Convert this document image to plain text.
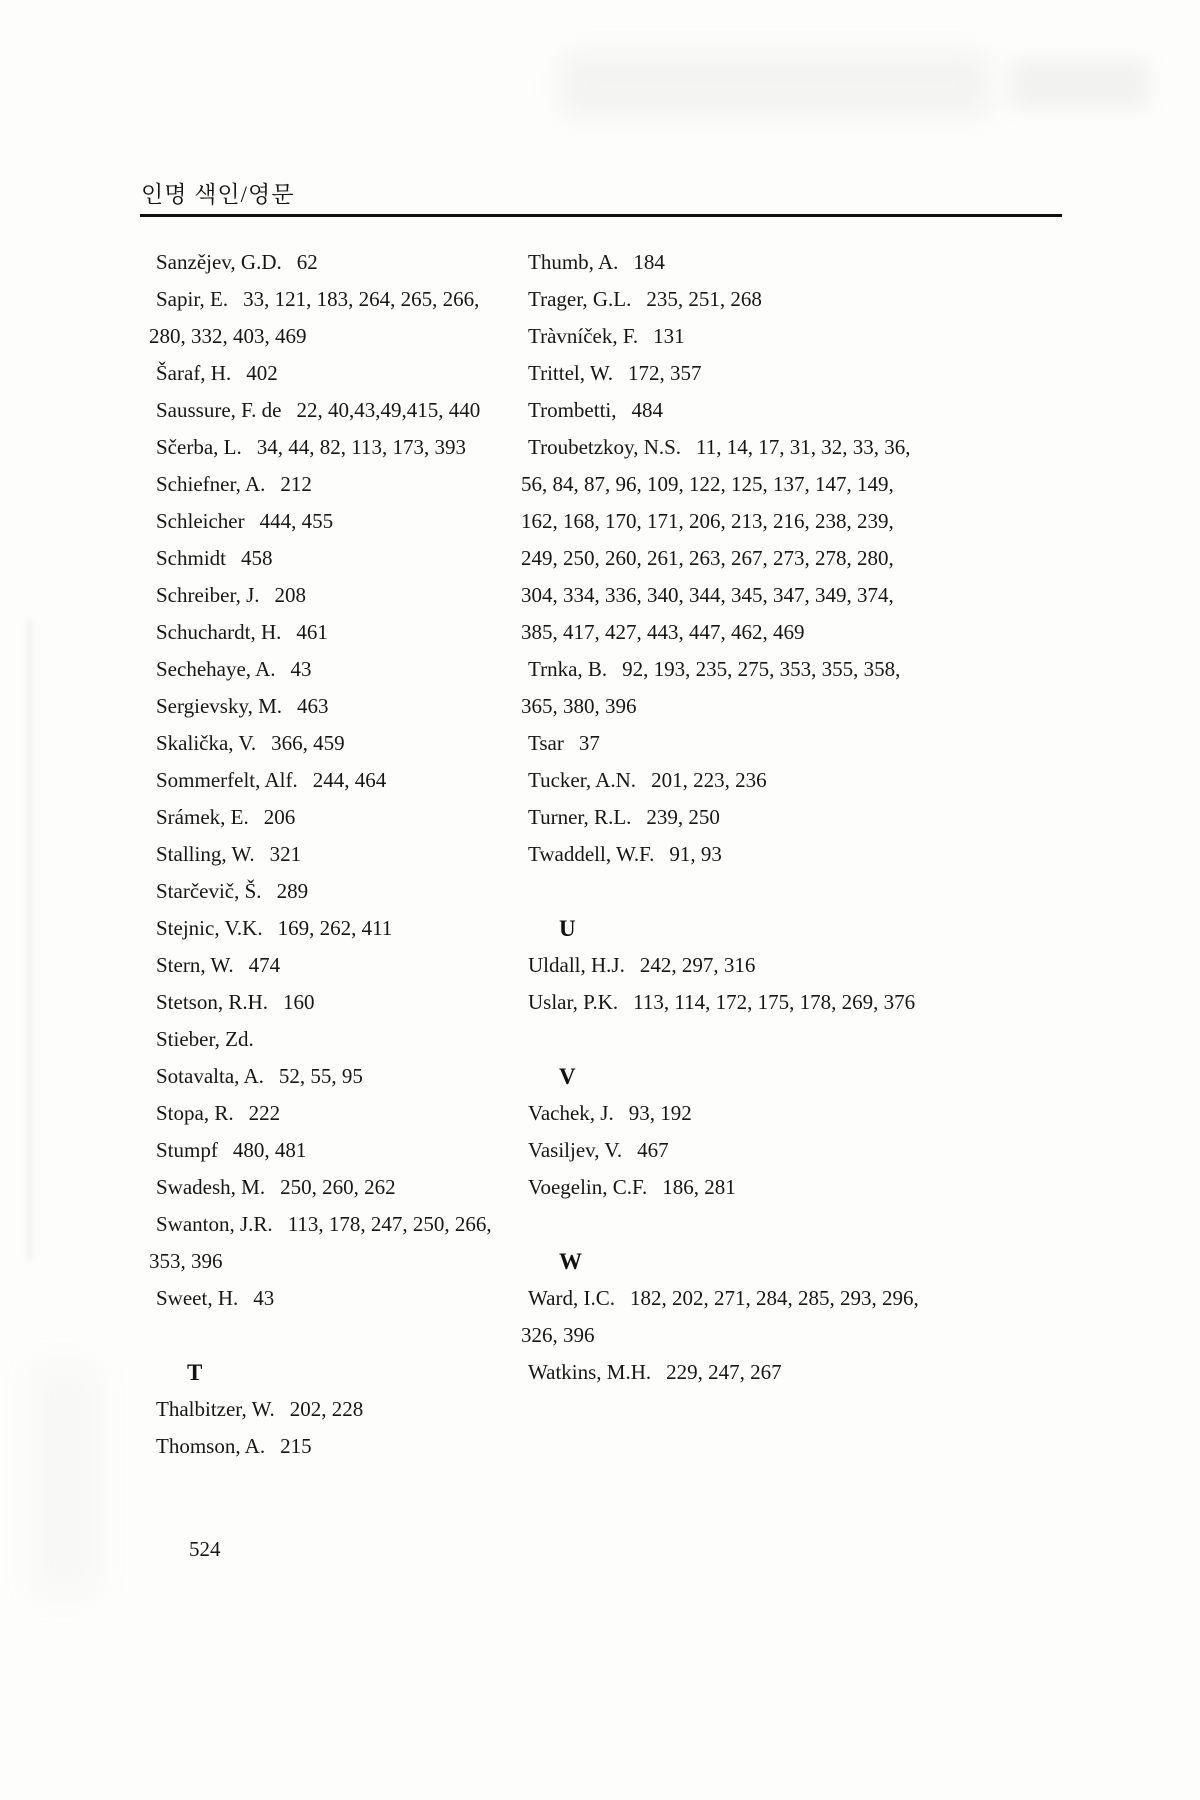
인명 색인/영문
Sanzějev, G.D. 62
Sapir, E. 33, 121, 183, 264, 265, 266, 280, 332, 403, 469
Šaraf, H. 402
Saussure, F. de 22, 40,43,49,415, 440
Sčerba, L. 34, 44, 82, 113, 173, 393
Schiefner, A. 212
Schleicher 444, 455
Schmidt 458
Schreiber, J. 208
Schuchardt, H. 461
Sechehaye, A. 43
Sergievsky, M. 463
Skalička, V. 366, 459
Sommerfelt, Alf. 244, 464
Srámek, E. 206
Stalling, W. 321
Starčevič, Š. 289
Stejnic, V.K. 169, 262, 411
Stern, W. 474
Stetson, R.H. 160
Stieber, Zd.
Sotavalta, A. 52, 55, 95
Stopa, R. 222
Stumpf 480, 481
Swadesh, M. 250, 260, 262
Swanton, J.R. 113, 178, 247, 250, 266, 353, 396
Sweet, H. 43
T
Thalbitzer, W. 202, 228
Thomson, A. 215
Thumb, A. 184
Trager, G.L. 235, 251, 268
Tràvníček, F. 131
Trittel, W. 172, 357
Trombetti, 484
Troubetzkoy, N.S. 11, 14, 17, 31, 32, 33, 36, 56, 84, 87, 96, 109, 122, 125, 137, 147, 149, 162, 168, 170, 171, 206, 213, 216, 238, 239, 249, 250, 260, 261, 263, 267, 273, 278, 280, 304, 334, 336, 340, 344, 345, 347, 349, 374, 385, 417, 427, 443, 447, 462, 469
Trnka, B. 92, 193, 235, 275, 353, 355, 358, 365, 380, 396
Tsar 37
Tucker, A.N. 201, 223, 236
Turner, R.L. 239, 250
Twaddell, W.F. 91, 93
U
Uldall, H.J. 242, 297, 316
Uslar, P.K. 113, 114, 172, 175, 178, 269, 376
V
Vachek, J. 93, 192
Vasiljev, V. 467
Voegelin, C.F. 186, 281
W
Ward, I.C. 182, 202, 271, 284, 285, 293, 296, 326, 396
Watkins, M.H. 229, 247, 267
524
